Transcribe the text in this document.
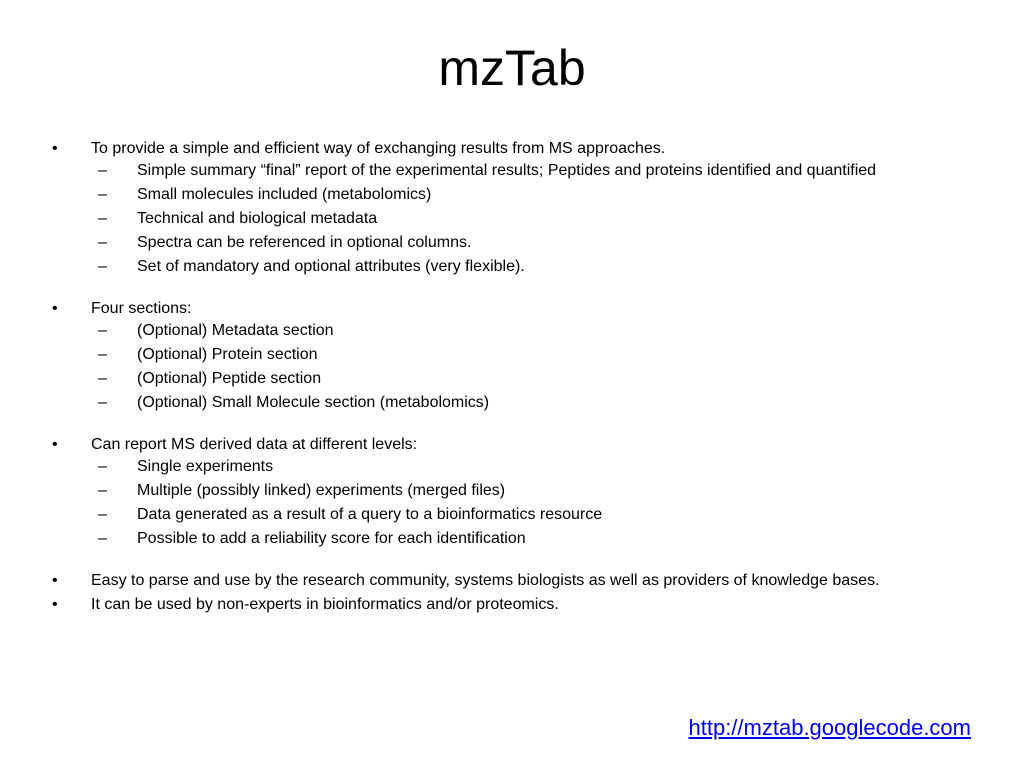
mzTab

•	To provide a simple and efficient way of exchanging results from MS approaches.

– Simple summary “final” report of the experimental results; Peptides and proteins identified and quantified
– Small molecules included (metabolomics)
– Technical and biological metadata
– Spectra can be referenced in optional columns.
– Set of mandatory and optional attributes (very flexible).

•	Four sections:

– (Optional) Metadata section
– (Optional) Protein section
– (Optional) Peptide section
– (Optional) Small Molecule section (metabolomics)

•	Can report MS derived data at different levels:

– Single experiments
– Multiple (possibly linked) experiments (merged files)
– Data generated as a result of a query to a bioinformatics resource
– Possible to add a reliability score for each identification

•	Easy to parse and use by the research community, systems biologists as well as providers of knowledge bases.

•	It can be used by non-experts in bioinformatics and/or proteomics.

http://mztab.googlecode.com
